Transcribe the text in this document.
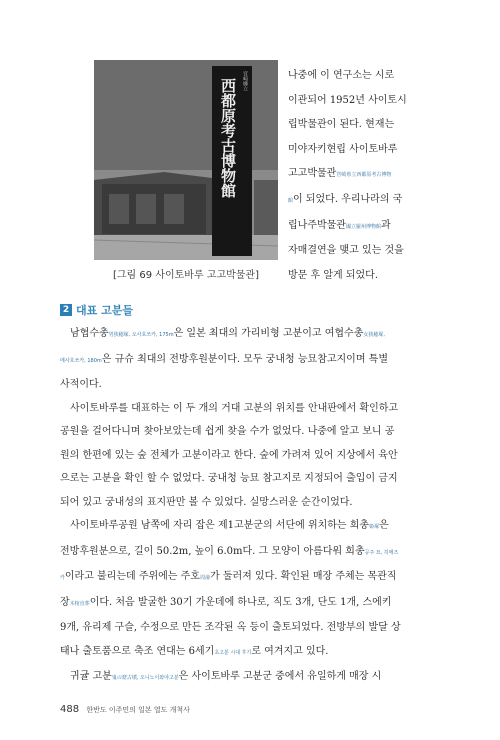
宮崎縣立
西都原考古博物館
[그림 69 사이토바루 고고박물관]
나중에 이 연구소는 시로
이관되어 1952년 사이토시
립박물관이 된다. 현재는
미야자키현립 사이토바루
고고박물관宮崎県立西都原考古博物
館이 되었다. 우리나라의 국
립나주박물관國立羅州博物館과
자매결연을 맺고 있는 것을
방문 후 알게 되었다.
2 대표 고분들
남협수총男狭穂塚, 오사호쓰카, 175m은 일본 최대의 가리비형 고분이고 여협수총女狭穂塚,
메사호쓰카, 180m은 규슈 최대의 전방후원분이다. 모두 궁내청 능묘참고지이며 특별
사적이다.
사이토바루를 대표하는 이 두 개의 거대 고분의 위치를 안내판에서 확인하고
공원을 걸어다니며 찾아보았는데 쉽게 찾을 수가 없었다. 나중에 알고 보니 공
원의 한편에 있는 숲 전체가 고분이라고 한다. 숲에 가려져 있어 지상에서 육안
으로는 고분을 확인 할 수 없었다. 궁내청 능묘 참고지로 지정되어 출입이 금지
되어 있고 궁내성의 표지판만 볼 수 있었다. 실망스러운 순간이었다.
사이토바루공원 남쪽에 자리 잡은 제1고분군의 서단에 위치하는 희총姫塚은
전방후원분으로, 길이 50.2m, 높이 6.0m다. 그 모양이 아름다워 희총공주 묘, 히메즈
카이라고 불리는데 주위에는 주호周濠가 둘러져 있다. 확인된 매장 주체는 목관직
장木棺直葬이다. 처음 발굴한 30기 가운데에 하나로, 직도 3개, 단도 1개, 스에키
9개, 유리제 구슬, 수정으로 만든 조각된 옥 등이 출토되었다. 전방부의 발달 상
태나 출토품으로 축조 연대는 6세기초고분 시대 후기로 여겨지고 있다.
귀귤 고분鬼の窟古墳, 오니노이와야고분은 사이토바루 고분군 중에서 유일하게 매장 시
488 한반도 이주민의 일본 열도 개척사
